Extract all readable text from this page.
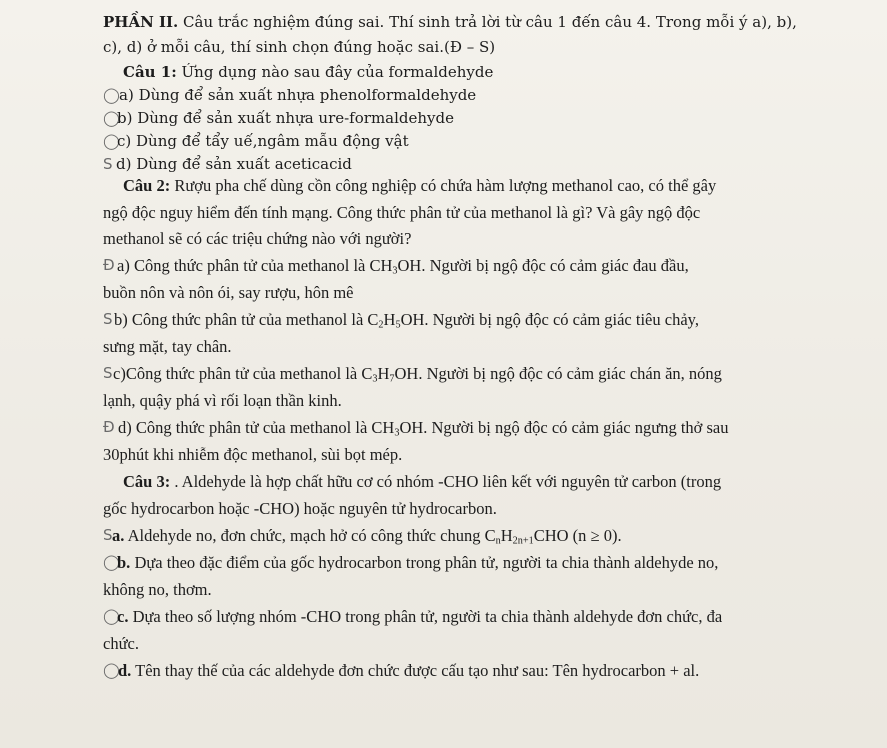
PHẦN II. Câu trắc nghiệm đúng sai. Thí sinh trả lời từ câu 1 đến câu 4. Trong mỗi ý a), b),
c), d) ở mỗi câu, thí sinh chọn đúng hoặc sai.(Đ – S)
Câu 1: Ứng dụng nào sau đây của formaldehyde
◯ a) Dùng để sản xuất nhựa phenolformaldehyde
◯
b) Dùng để sản xuất nhựa ure-formaldehyde
◯
c) Dùng để tẩy uế,ngâm mẫu động vật
S d) Dùng để sản xuất aceticacid
Câu 2: Rượu pha chế dùng cồn công nghiệp có chứa hàm lượng methanol cao, có thể gây
ngộ độc nguy hiểm đến tính mạng. Công thức phân tử của methanol là gì? Và gây ngộ độc
methanol sẽ có các triệu chứng nào với người?
Đ a) Công thức phân tử của methanol là $CH_3OH$. Người bị ngộ độc có cảm giác đau đầu,
buồn nôn và nôn ói, say rượu, hôn mê
S b) Công thức phân tử của methanol là $C_2H_5OH$. Người bị ngộ độc có cảm giác tiêu chảy,
sưng mặt, tay chân.
S c)Công thức phân tử của methanol là $C_3H_7OH$. Người bị ngộ độc có cảm giác chán ăn, nóng
lạnh, quậy phá vì rối loạn thần kinh.
Đ d) Công thức phân tử của methanol là $CH_3OH$. Người bị ngộ độc có cảm giác ngưng thở sau
30phút khi nhiễm độc methanol, sùi bọt mép.
Câu 3: . Aldehyde là hợp chất hữu cơ có nhóm -CHO liên kết với nguyên tử carbon (trong
gốc hydrocarbon hoặc -CHO) hoặc nguyên tử hydrocarbon.
S a. Aldehyde no, đơn chức, mạch hở có công thức chung $C_nH_{2n+1}CHO$ (n ≥ 0).
◯
b. Dựa theo đặc điểm của gốc hydrocarbon trong phân tử, người ta chia thành aldehyde no,
không no, thơm.
◯
c. Dựa theo số lượng nhóm -CHO trong phân tử, người ta chia thành aldehyde đơn chức, đa
chức.
◯
d. Tên thay thế của các aldehyde đơn chức được cấu tạo như sau: Tên hydrocarbon + al.
